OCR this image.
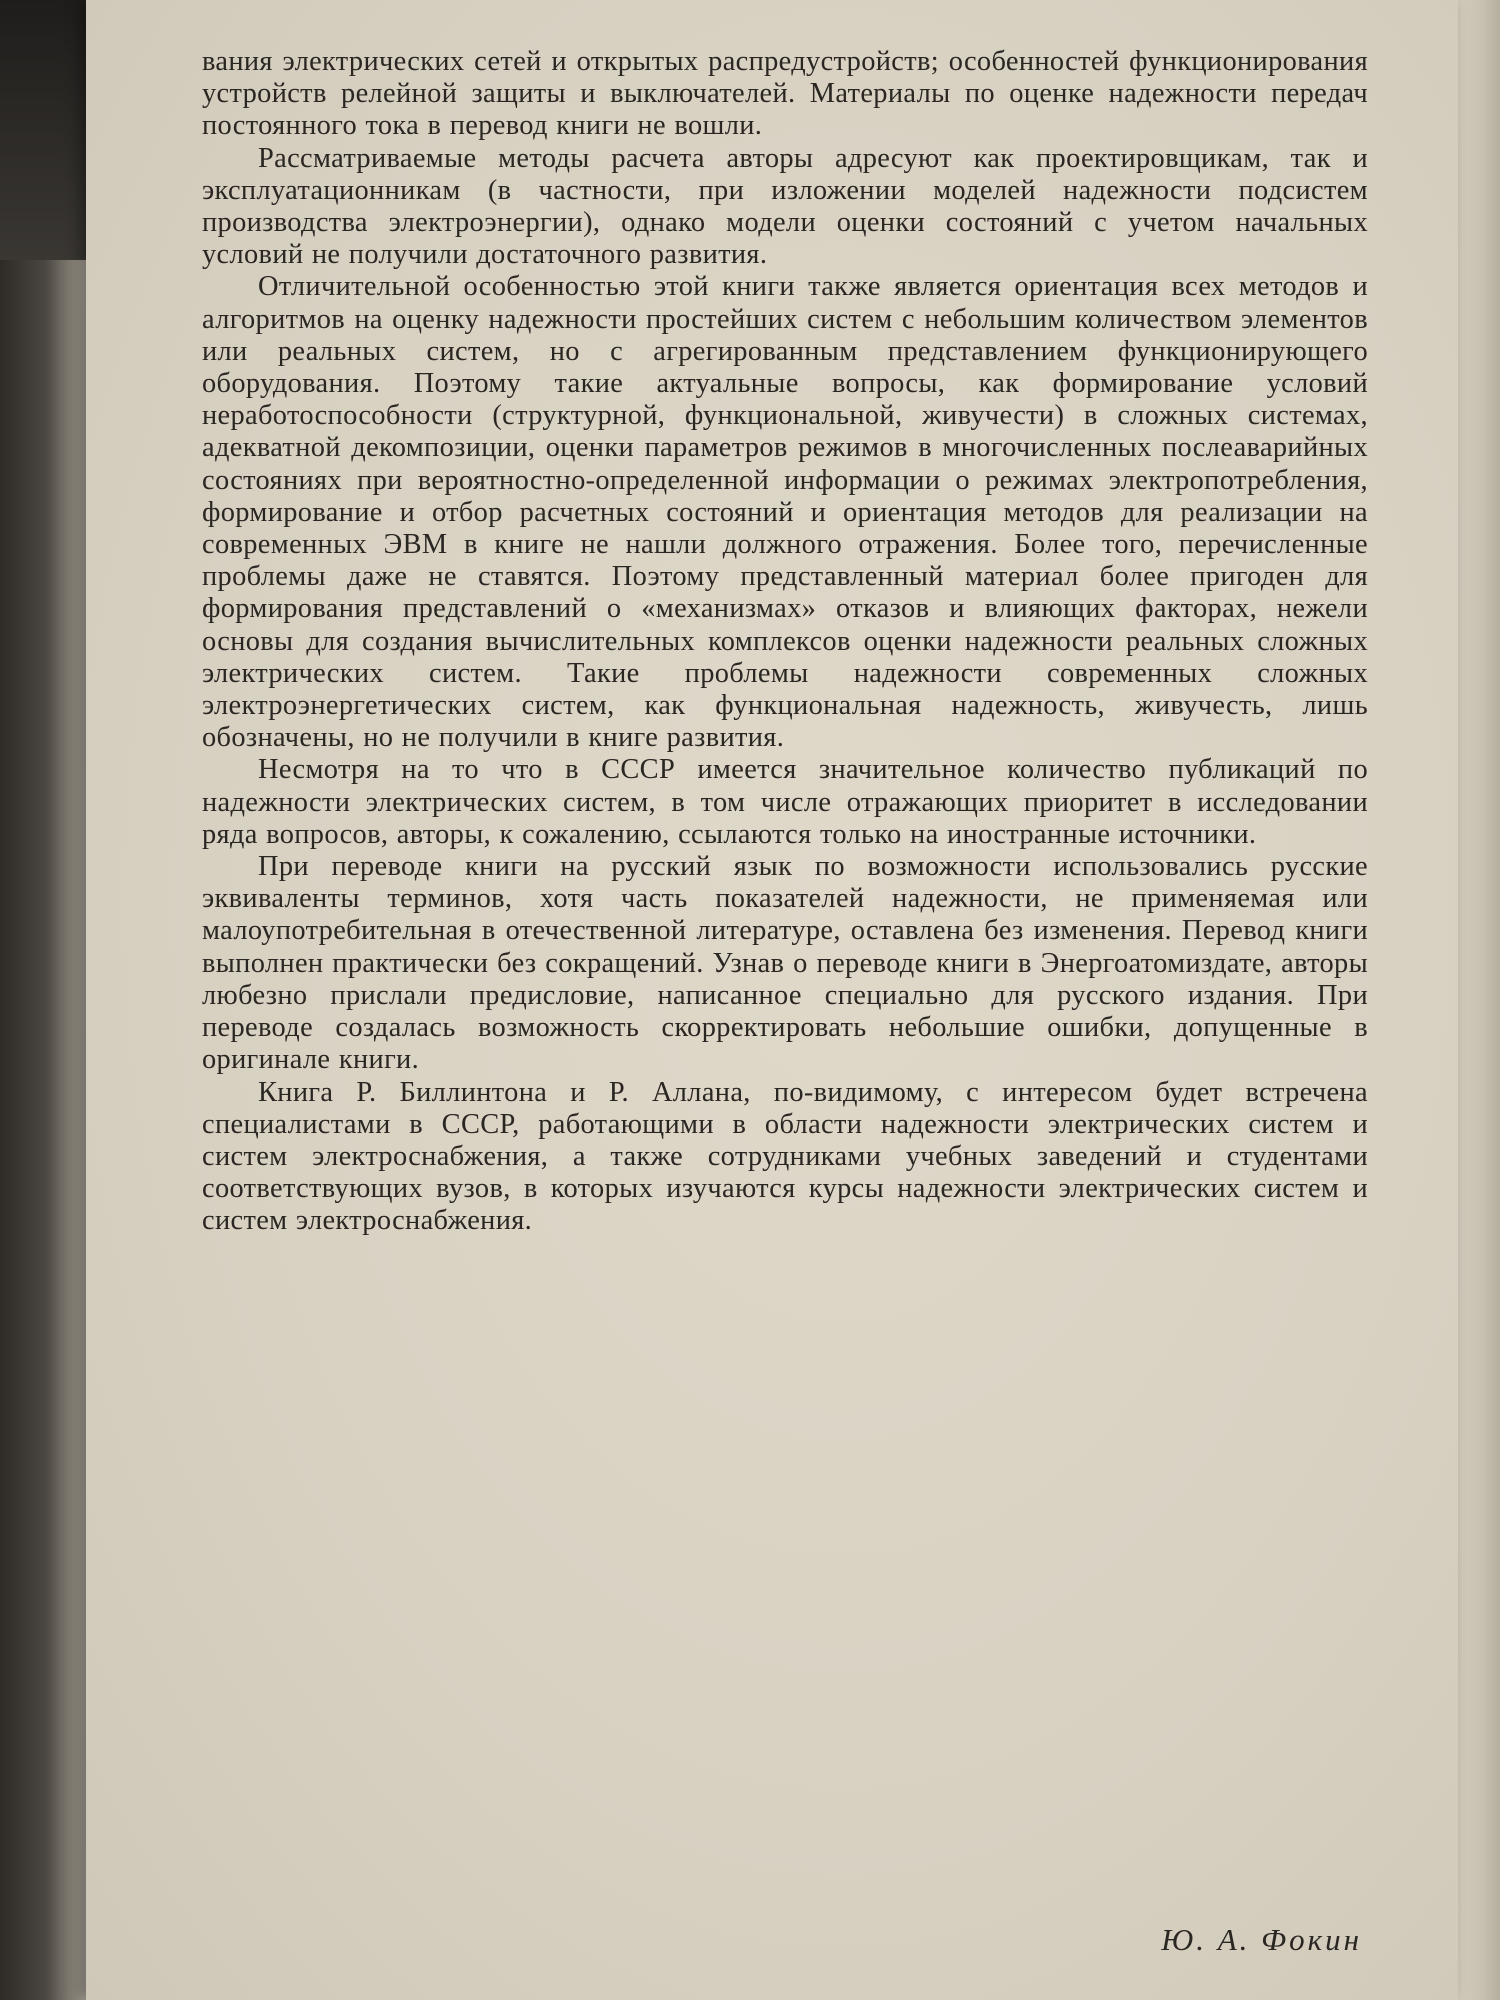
вания электрических сетей и открытых распредустройств; особенностей функционирования устройств релейной защиты и выключателей. Материалы по оценке надежности передач постоянного тока в перевод книги не вошли.

Рассматриваемые методы расчета авторы адресуют как проектировщикам, так и эксплуатационникам (в частности, при изложении моделей надежности подсистем производства электроэнергии), однако модели оценки состояний с учетом начальных условий не получили достаточного развития.

Отличительной особенностью этой книги также является ориентация всех методов и алгоритмов на оценку надежности простейших систем с небольшим количеством элементов или реальных систем, но с агрегированным представлением функционирующего оборудования. Поэтому такие актуальные вопросы, как формирование условий неработоспособности (структурной, функциональной, живучести) в сложных системах, адекватной декомпозиции, оценки параметров режимов в многочисленных послеаварийных состояниях при вероятностно-определенной информации о режимах электропотребления, формирование и отбор расчетных состояний и ориентация методов для реализации на современных ЭВМ в книге не нашли должного отражения. Более того, перечисленные проблемы даже не ставятся. Поэтому представленный материал более пригоден для формирования представлений о «механизмах» отказов и влияющих факторах, нежели основы для создания вычислительных комплексов оценки надежности реальных сложных электрических систем. Такие проблемы надежности современных сложных электроэнергетических систем, как функциональная надежность, живучесть, лишь обозначены, но не получили в книге развития.

Несмотря на то что в СССР имеется значительное количество публикаций по надежности электрических систем, в том числе отражающих приоритет в исследовании ряда вопросов, авторы, к сожалению, ссылаются только на иностранные источники.

При переводе книги на русский язык по возможности использовались русские эквиваленты терминов, хотя часть показателей надежности, не применяемая или малоупотребительная в отечественной литературе, оставлена без изменения. Перевод книги выполнен практически без сокращений. Узнав о переводе книги в Энергоатомиздате, авторы любезно прислали предисловие, написанное специально для русского издания. При переводе создалась возможность скорректировать небольшие ошибки, допущенные в оригинале книги.

Книга Р. Биллинтона и Р. Аллана, по-видимому, с интересом будет встречена специалистами в СССР, работающими в области надежности электрических систем и систем электроснабжения, а также сотрудниками учебных заведений и студентами соответствующих вузов, в которых изучаются курсы надежности электрических систем и систем электроснабжения.

Ю. А. Фокин
